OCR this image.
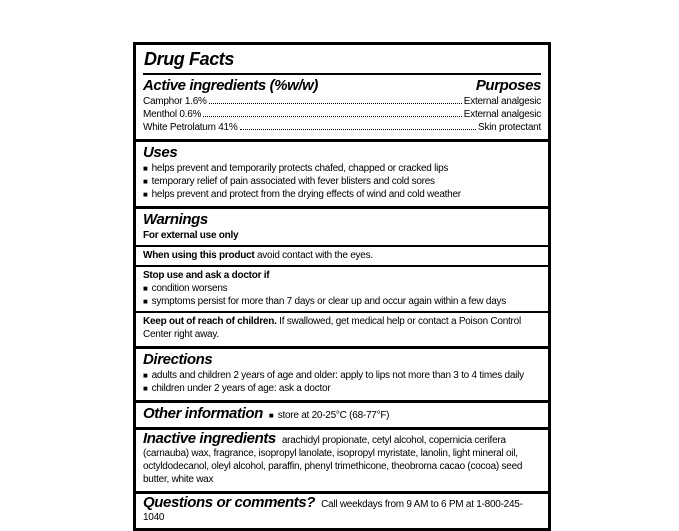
Drug Facts
Active ingredients (%w/w)	Purposes
Camphor 1.6%	External analgesic
Menthol 0.6%	External analgesic
White Petrolatum 41%	Skin protectant
Uses
■ helps prevent and temporarily protects chafed, chapped or cracked lips
■ temporary relief of pain associated with fever blisters and cold sores
■ helps prevent and protect from the drying effects of wind and cold weather
Warnings
For external use only
When using this product avoid contact with the eyes.
Stop use and ask a doctor if
■ condition worsens
■ symptoms persist for more than 7 days or clear up and occur again within a few days
Keep out of reach of children. If swallowed, get medical help or contact a Poison Control Center right away.
Directions
■ adults and children 2 years of age and older: apply to lips not more than 3 to 4 times daily
■ children under 2 years of age: ask a doctor
Other information ■ store at 20-25°C (68-77°F)
Inactive ingredients arachidyl propionate, cetyl alcohol, copernicia cerifera (carnauba) wax, fragrance, isopropyl lanolate, isopropyl myristate, lanolin, light mineral oil, octyldodecanol, oleyl alcohol, paraffin, phenyl trimethicone, theobroma cacao (cocoa) seed butter, white wax
Questions or comments? Call weekdays from 9 AM to 6 PM at 1-800-245-1040
